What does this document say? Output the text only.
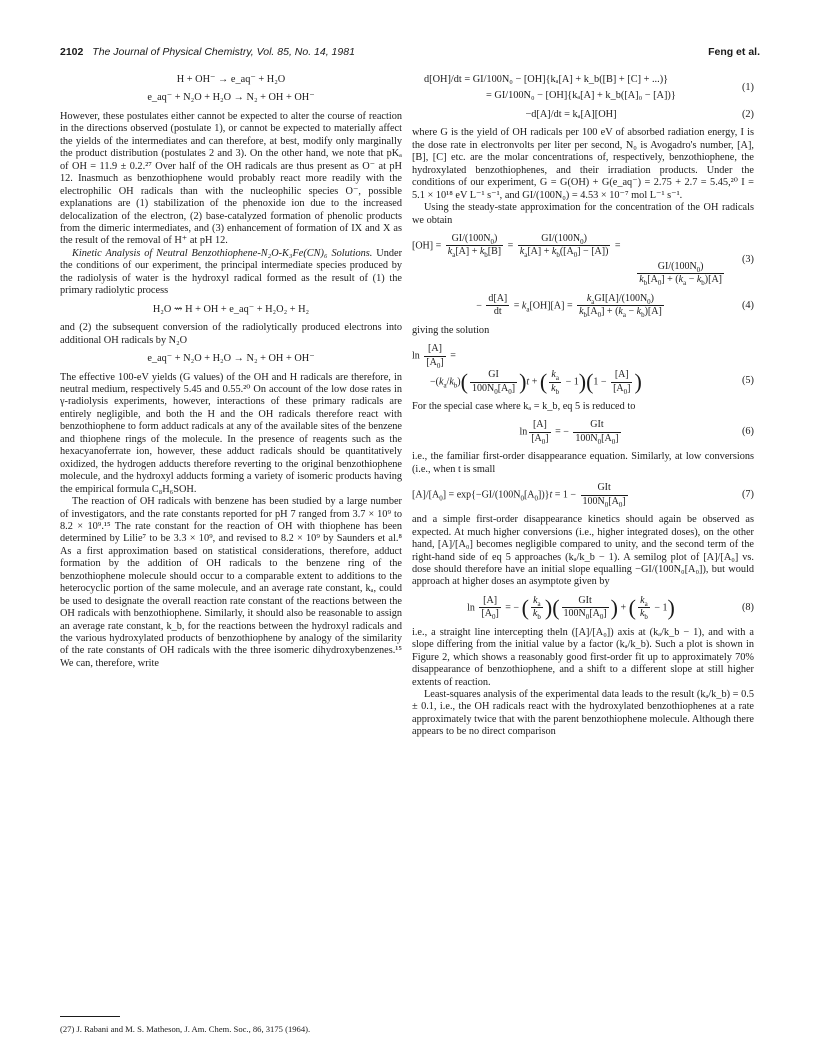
2102 The Journal of Physical Chemistry, Vol. 85, No. 14, 1981	Feng et al.
H + OH⁻ → e_aq⁻ + H₂O
e_aq⁻ + N₂O + H₂O → N₂ + OH + OH⁻

However, these postulates either cannot be expected to alter the course of reaction in the directions observed (postulate 1), or cannot be expected to materially affect the yields of the intermediates and can therefore, at best, modify only marginally the product distribution (postulates 2 and 3). On the other hand, we note that pKₐ of OH = 11.9 ± 0.2.²⁷ Over half of the OH radicals are thus present as O⁻ at pH 12. Inasmuch as benzothiophene would probably react more readily with the electrophilic OH radicals than with the nucleophilic species O⁻, possible explanations are (1) stabilization of the phenoxide ion due to the increased delocalization of the electron, (2) base-catalyzed formation of phenolic products from the dimeric intermediates, and (3) enhancement of formation of IX and X as the result of the removal of H⁺ at pH 12.

Kinetic Analysis of Neutral Benzothiophene-N₂O-K₃Fe(CN)₆ Solutions. Under the conditions of our experiment, the principal intermediate species produced by the radiolysis of water is the hydroxyl radical formed as the result of (1) the primary radiolytic process

H₂O ⇝ H + OH + e_aq⁻ + H₂O₂ + H₂

and (2) the subsequent conversion of the radiolytically produced electrons into additional OH radicals by N₂O

e_aq⁻ + N₂O + H₂O → N₂ + OH + OH⁻

The effective 100-eV yields (G values) of the OH and H radicals are therefore, in neutral medium, respectively 5.45 and 0.55.²⁰ On account of the low dose rates in γ-radiolysis experiments, however, interactions of these primary radicals are entirely negligible, and both the H and the OH radicals therefore react with benzothiophene to form adduct radicals at any of the available sites of the benzene and thiophene rings of the molecule. In the presence of reagents such as the hexacyanoferrate ion, however, these adduct radicals should be quantitatively oxidized, the hydrogen adducts therefore reverting to the original benzothiophene molecule, and the hydroxyl adducts forming a variety of isomeric products having the empirical formula C₈H₆SOH.

The reaction of OH radicals with benzene has been studied by a large number of investigators, and the rate constants reported for pH 7 ranged from 3.7 × 10⁹ to 8.2 × 10⁹.¹⁵ The rate constant for the reaction of OH with thiophene has been determined by Lilie⁷ to be 3.3 × 10⁹, and revised to 8.2 × 10⁹ by Saunders et al.⁸ As a first approximation based on statistical considerations, therefore, adduct formation by the addition of OH radicals to the benzene ring of the benzothiophene molecule should occur to a comparable extent to additions to the heterocyclic portion of the same molecule, and an average rate constant, kₐ, could be used to designate the overall reaction rate constant of the reactions between the OH radicals with benzothiophene. Similarly, it should also be reasonable to assign an average rate constant, k_b, for the reactions between the hydroxyl radicals and the various hydroxylated products of benzothiophene by analogy of the similarity of the rate constants of OH radicals with the three isomeric dihydroxybenzenes.¹⁵ We can, therefore, write

(27) J. Rabani and M. S. Matheson, J. Am. Chem. Soc., 86, 3175 (1964).
d[OH]/dt = GI/100N₀ − [OH]{kₐ[A] + k_b([B] + [C] + ...)}
= GI/100N₀ − [OH]{kₐ[A] + k_b([A]₀ − [A])}
(1)
−d[A]/dt = kₐ[A][OH]	(2)

where G is the yield of OH radicals per 100 eV of absorbed radiation energy, I is the dose rate in electronvolts per liter per second, N₀ is Avogadro's number, [A], [B], [C] etc. are the molar concentrations of, respectively, benzothiophene, the hydroxylated benzothiophenes, and their irradiation products. Under the conditions of our experiment, G = G(OH) + G(e_aq⁻) = 2.75 + 2.7 = 5.45,²⁰ I = 5.1 × 10¹⁸ eV L⁻¹ s⁻¹, and GI/(100N₀) = 4.53 × 10⁻⁷ mol L⁻¹ s⁻¹.

Using the steady-state approximation for the concentration of the OH radicals we obtain

$[OH] = \frac{GI/(100N_0)}{k_a[A] + k_b[B]} = \frac{GI/(100N_0)}{k_a[A] + k_b([A_0] - [A])}$ =
$\frac{GI/(100N_0)}{k_b[A_0] + (k_a - k_b)[A]}$
(3)
− $\frac{d[A]}{dt} = k_a[OH][A] = \frac{k_aGI[A]/(100N_0)}{k_b[A_0] + (k_a - k_b)[A]}$	(4)

giving the solution

$\ln \frac{[A]}{[A_0]}$ =
$-(k_a/k_b)( \frac{GI}{100N_0[A_0]} )t$ + ( $\frac{k_a}{k_b} - 1)(1 - \frac{[A]}{[A_0]}$ )	(5)

For the special case where kₐ = k_b, eq 5 is reduced to

$\ln \frac{[A]}{[A_0]}$ = − $\frac{\text{GIt}}{100N_0[A_0]}$	(6)

i.e., the familiar first-order disappearance equation. Similarly, at low conversions (i.e., when t is small

$[A]/[A_0] = \exp\{-GI/(100N_0[A_0])\}t = 1 - \frac{\text{GIt}}{100N_0[A_0]}$	(7)

and a simple first-order disappearance kinetics should again be observed as expected. At much higher conversions (i.e., higher integrated doses), on the other hand, [A]/[A₀] becomes negligible compared to unity, and the second term of the right-hand side of eq 5 approaches (kₐ/k_b − 1). A semilog plot of [A]/[A₀] vs. dose should therefore have an initial slope equalling −GI/(100N₀[A₀]), but would approach at higher doses an asymptote given by

$\ln \frac{[A]}{[A_0]}$ = − ( $\frac{k_a}{k_b}$ )( $\frac{\text{GIt}}{100N_0[A_0]}$ ) + ( $\frac{k_a}{k_b} - 1$)	(8)

i.e., a straight line intercepting theln ([A]/[A₀]) axis at (kₐ/k_b − 1), and with a slope differing from the initial value by a factor (kₐ/k_b). Such a plot is shown in Figure 2, which shows a reasonably good first-order fit up to approximately 70% disappearance of benzothiophene, and a shift to a different slope at still higher extents of reaction.

Least-squares analysis of the experimental data leads to the result (kₐ/k_b) = 0.5 ± 0.1, i.e., the OH radicals react with the hydroxylated benzothiophenes at a rate approximately twice that with the parent benzothiophene molecule. Although there appears to be no direct comparison
